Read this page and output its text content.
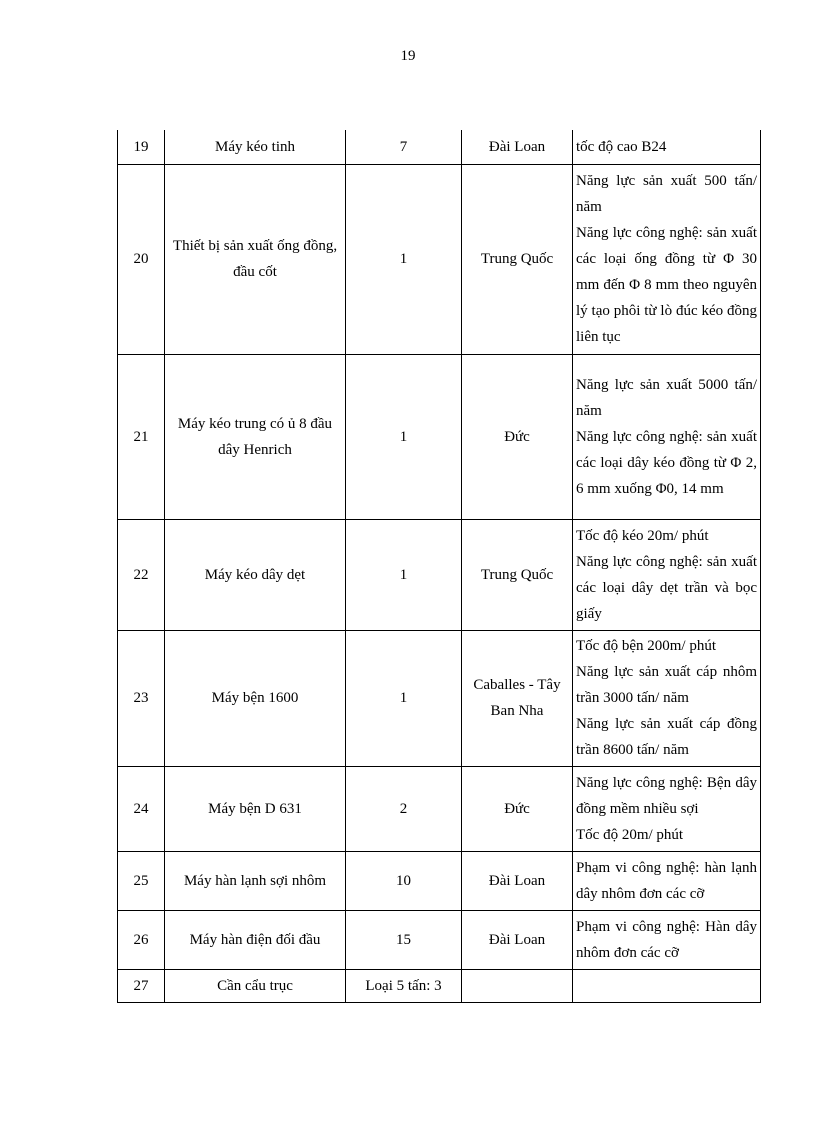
19
19	Máy kéo tinh	7	Đài Loan	tốc độ cao B24

20	Thiết bị sản xuất ống đồng, đầu cốt	1	Trung Quốc	Năng lực sản xuất 500 tấn/ năm
Năng lực công nghệ: sản xuất các loại ống đồng từ Φ 30 mm đến Φ 8 mm theo nguyên lý tạo phôi từ lò đúc kéo đồng liên tục

21	Máy kéo trung có ủ 8 đầu dây Henrich	1	Đức	Năng lực sản xuất 5000 tấn/ năm
Năng lực công nghệ: sản xuất các loại dây kéo đồng từ Φ 2, 6 mm xuống Φ0, 14 mm

22	Máy kéo dây dẹt	1	Trung Quốc	Tốc độ kéo 20m/ phút
Năng lực công nghệ: sản xuất các loại dây dẹt trần và bọc giấy

23	Máy bện 1600	1	Caballes - Tây Ban Nha	Tốc độ bện 200m/ phút
Năng lực sản xuất cáp nhôm trần 3000 tấn/ năm
Năng lực sản xuất cáp đồng trần 8600 tấn/ năm

24	Máy bện D 631	2	Đức	Năng lực công nghệ: Bện dây đồng mềm nhiều sợi
Tốc độ 20m/ phút

25	Máy hàn lạnh sợi nhôm	10	Đài Loan	Phạm vi công nghệ: hàn lạnh dây nhôm đơn các cỡ

26	Máy hàn điện đối đầu	15	Đài Loan	Phạm vi công nghệ: Hàn dây nhôm đơn các cỡ

27	Cần cẩu trục	Loại 5 tấn: 3		
